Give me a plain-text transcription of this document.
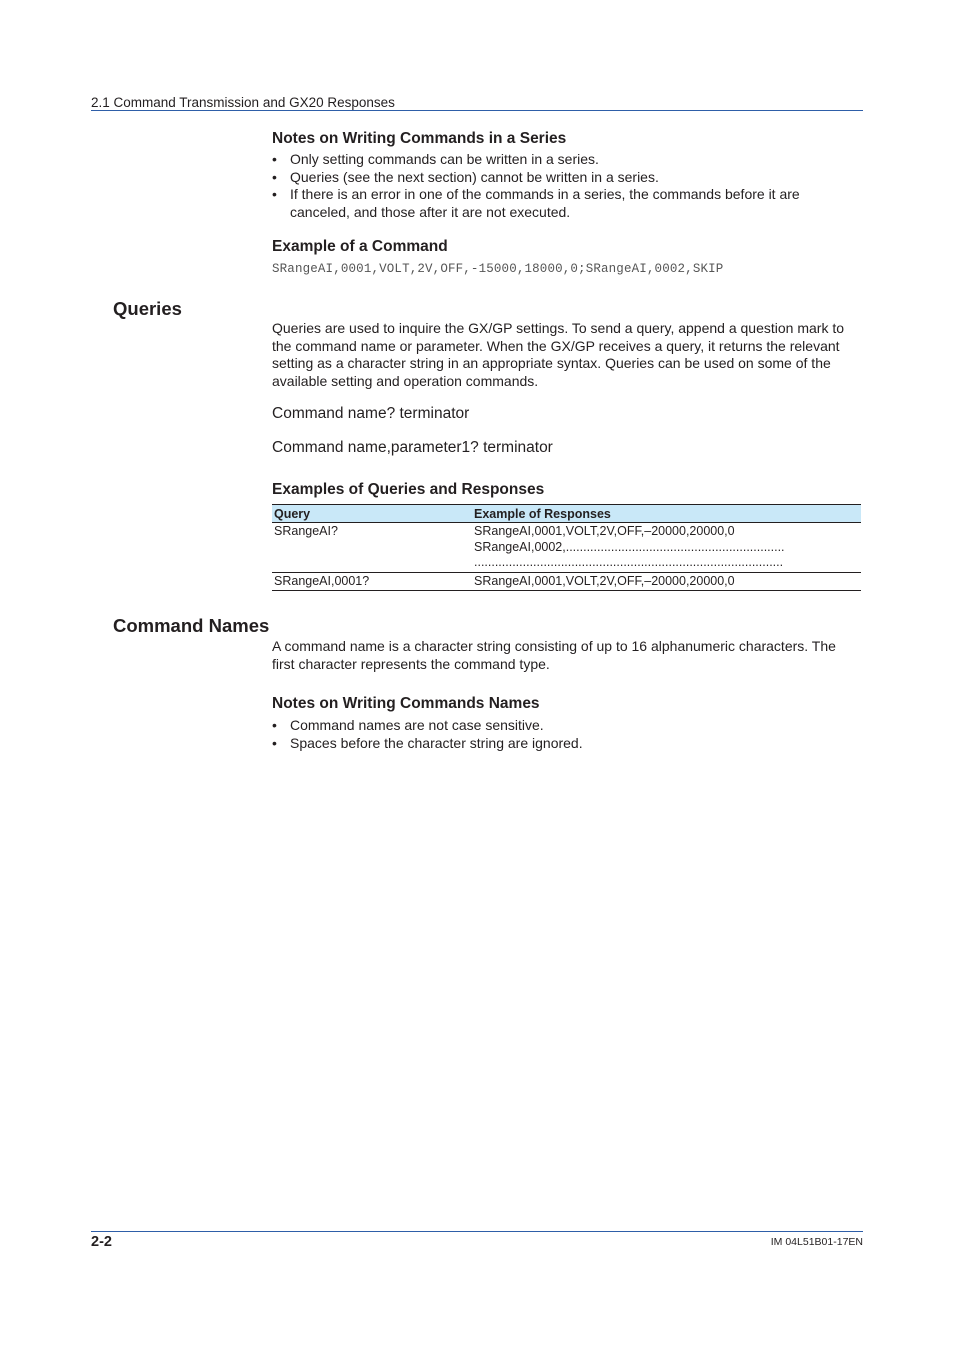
2.1 Command Transmission and GX20 Responses
Notes on Writing Commands in a Series
• Only setting commands can be written in a series.
• Queries (see the next section) cannot be written in a series.
• If there is an error in one of the commands in a series, the commands before it are canceled, and those after it are not executed.
Example of a Command
SRangeAI,0001,VOLT,2V,OFF,-15000,18000,0;SRangeAI,0002,SKIP
Queries
Queries are used to inquire the GX/GP settings. To send a query, append a question mark to the command name or parameter. When the GX/GP receives a query, it returns the relevant setting as a character string in an appropriate syntax. Queries can be used on some of the available setting and operation commands.
Command name? terminator
Command name,parameter1? terminator
Examples of Queries and Responses
Query	Example of Responses
SRangeAI?	SRangeAI,0001,VOLT,2V,OFF,–20000,20000,0
SRangeAI,0002,...............................................................
.........................................................................................

SRangeAI,0001?	SRangeAI,0001,VOLT,2V,OFF,–20000,20000,0
Command Names
A command name is a character string consisting of up to 16 alphanumeric characters. The first character represents the command type.
Notes on Writing Commands Names
• Command names are not case sensitive.
• Spaces before the character string are ignored.
2-2	IM 04L51B01-17EN
